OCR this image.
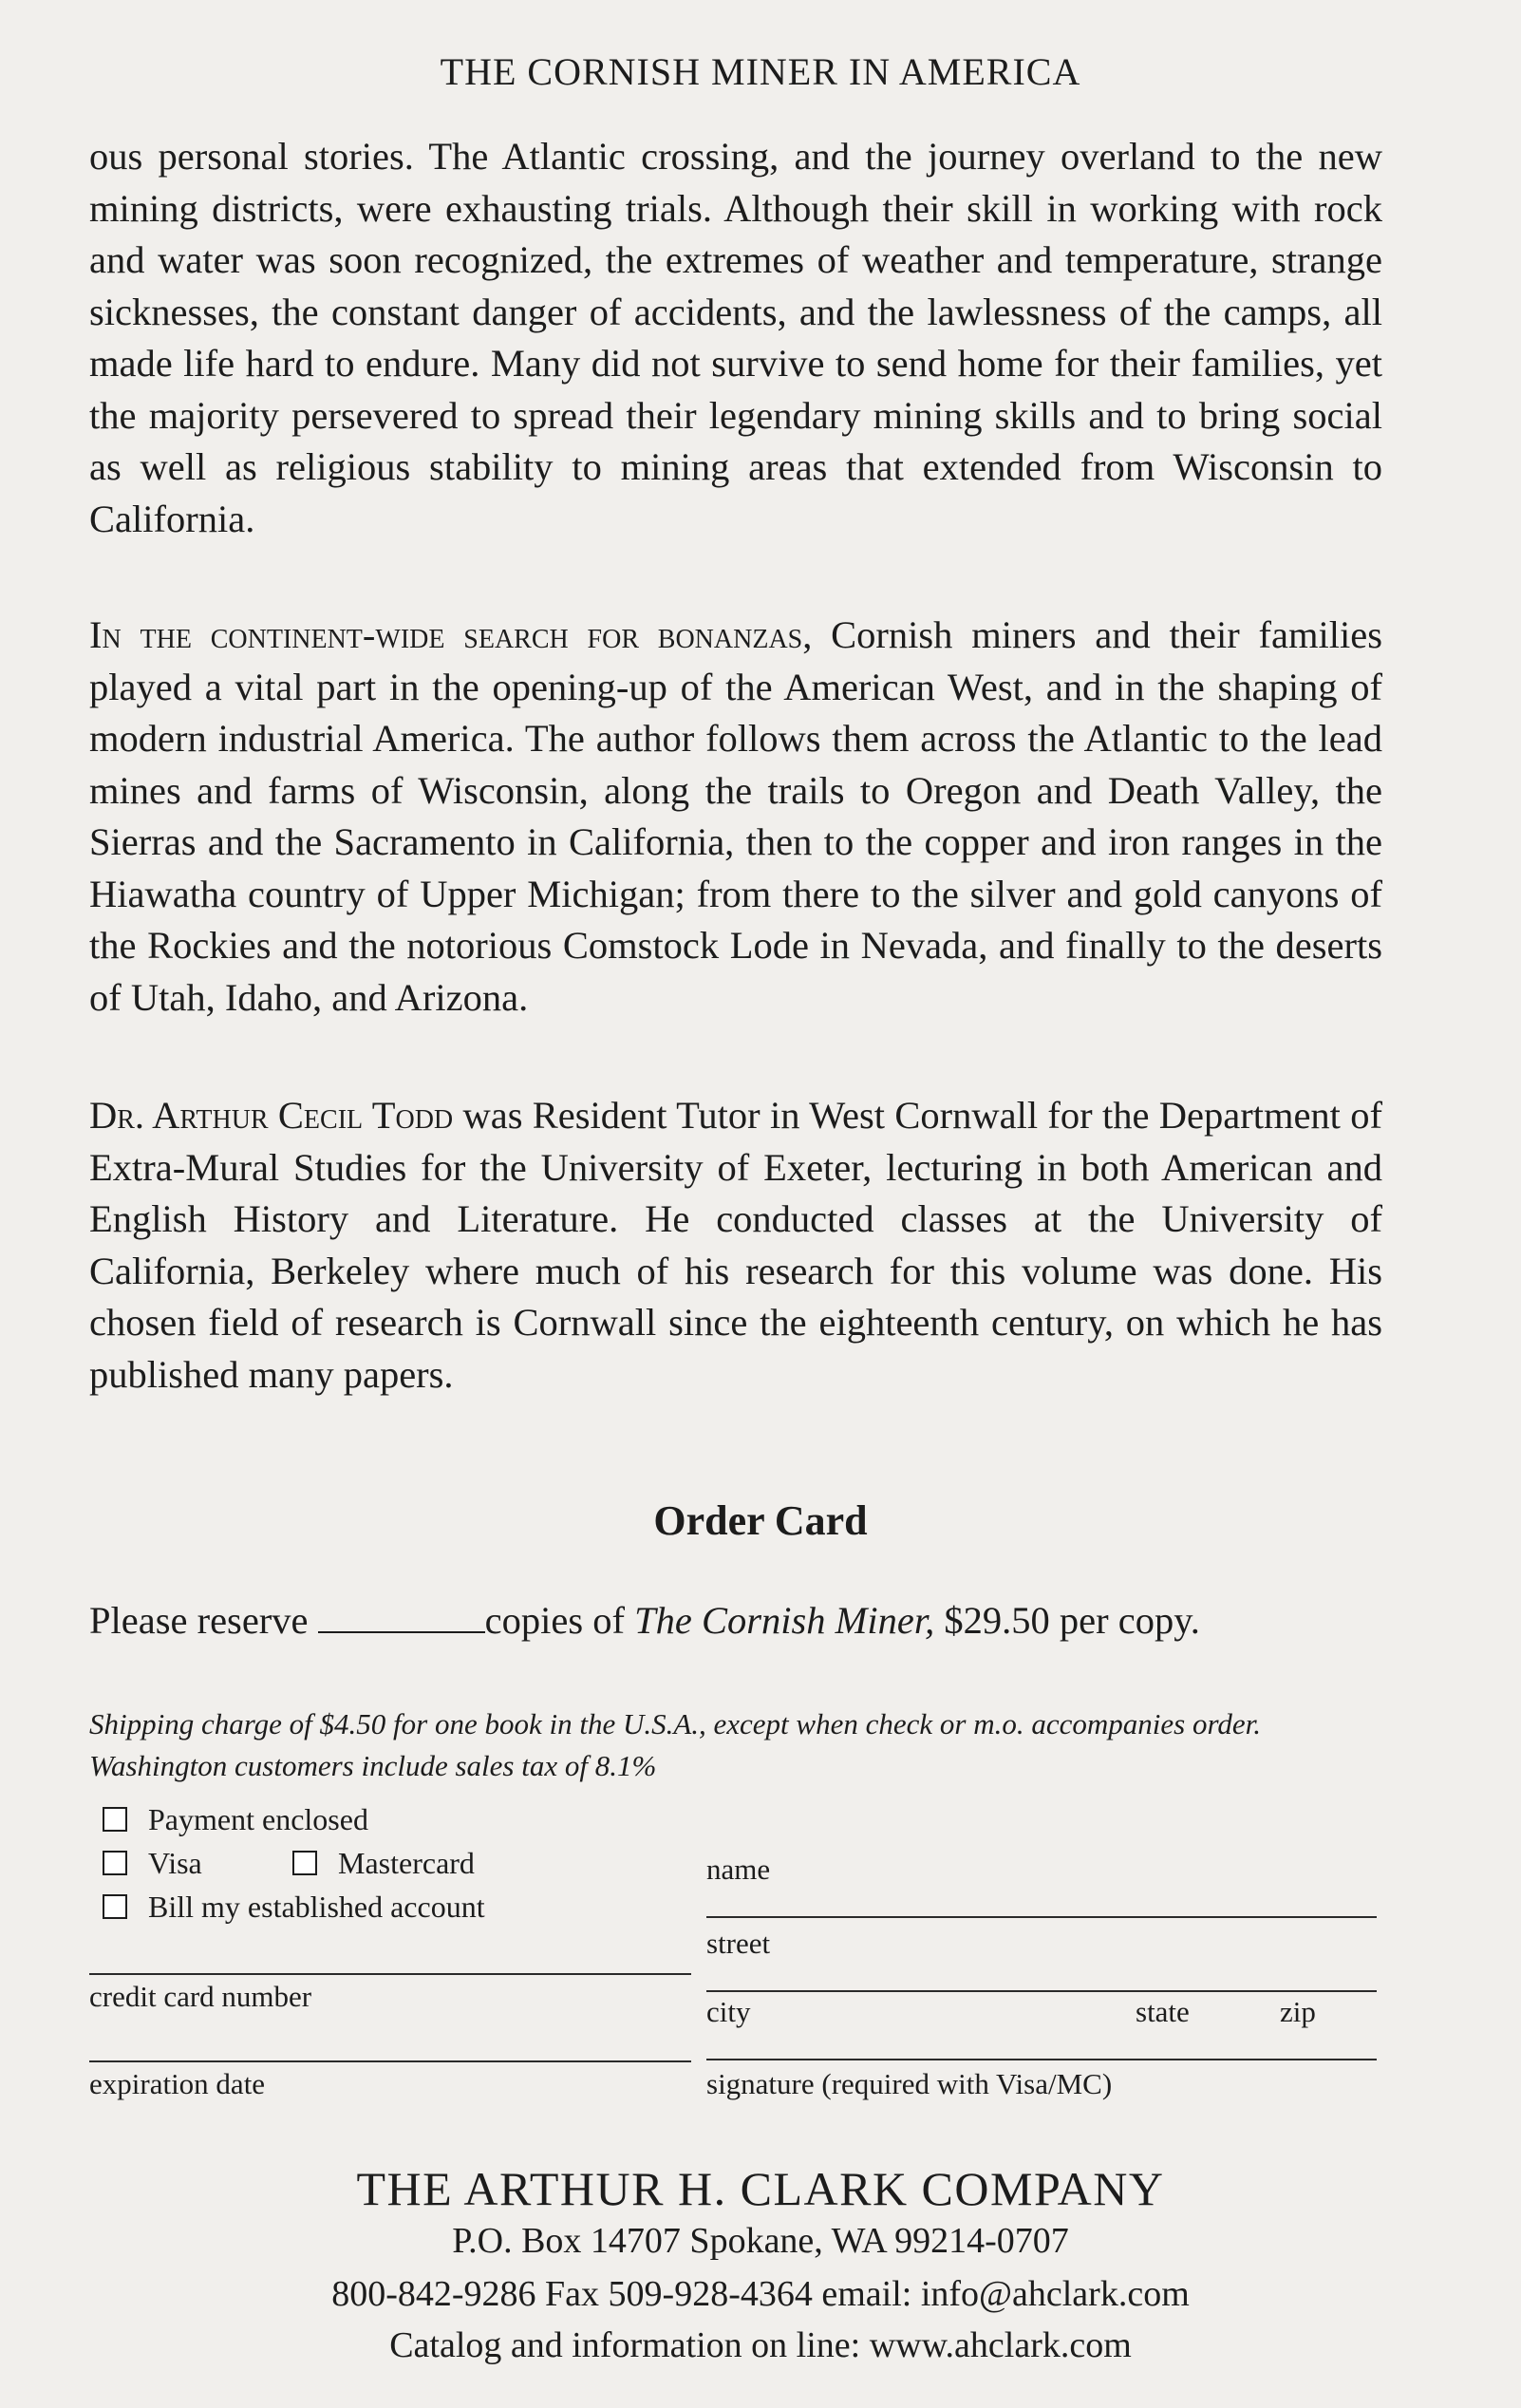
THE CORNISH MINER IN AMERICA

ous personal stories. The Atlantic crossing, and the journey overland to the new mining districts, were exhausting trials. Although their skill in working with rock and water was soon recognized, the extremes of weather and temperature, strange sicknesses, the constant danger of accidents, and the lawlessness of the camps, all made life hard to endure. Many did not survive to send home for their families, yet the majority persevered to spread their legendary mining skills and to bring social as well as religious stability to mining areas that extended from Wisconsin to California.

In the continent-wide search for bonanzas, Cornish miners and their families played a vital part in the opening-up of the American West, and in the shaping of modern industrial America. The author follows them across the Atlantic to the lead mines and farms of Wisconsin, along the trails to Oregon and Death Valley, the Sierras and the Sacramento in California, then to the copper and iron ranges in the Hiawatha country of Upper Michigan; from there to the silver and gold canyons of the Rockies and the notorious Comstock Lode in Nevada, and finally to the deserts of Utah, Idaho, and Arizona.

Dr. Arthur Cecil Todd was Resident Tutor in West Cornwall for the Department of Extra-Mural Studies for the University of Exeter, lecturing in both American and English History and Literature. He conducted classes at the University of California, Berkeley where much of his research for this volume was done. His chosen field of research is Cornwall since the eighteenth century, on which he has published many papers.

Order Card
Please reserve	copies of The Cornish Miner, $29.50 per copy.
Shipping charge of $4.50 for one book in the U.S.A., except when check or m.o. accompanies order. Washington customers include sales tax of 8.1%
Payment enclosed
Visa	Mastercard
Bill my established account
name
street
city	state	zip
signature (required with Visa/MC)
credit card number
expiration date
THE ARTHUR H. CLARK COMPANY
P.O. Box 14707 Spokane, WA 99214-0707
800-842-9286 Fax 509-928-4364 email: info@ahclark.com
Catalog and information on line: www.ahclark.com
